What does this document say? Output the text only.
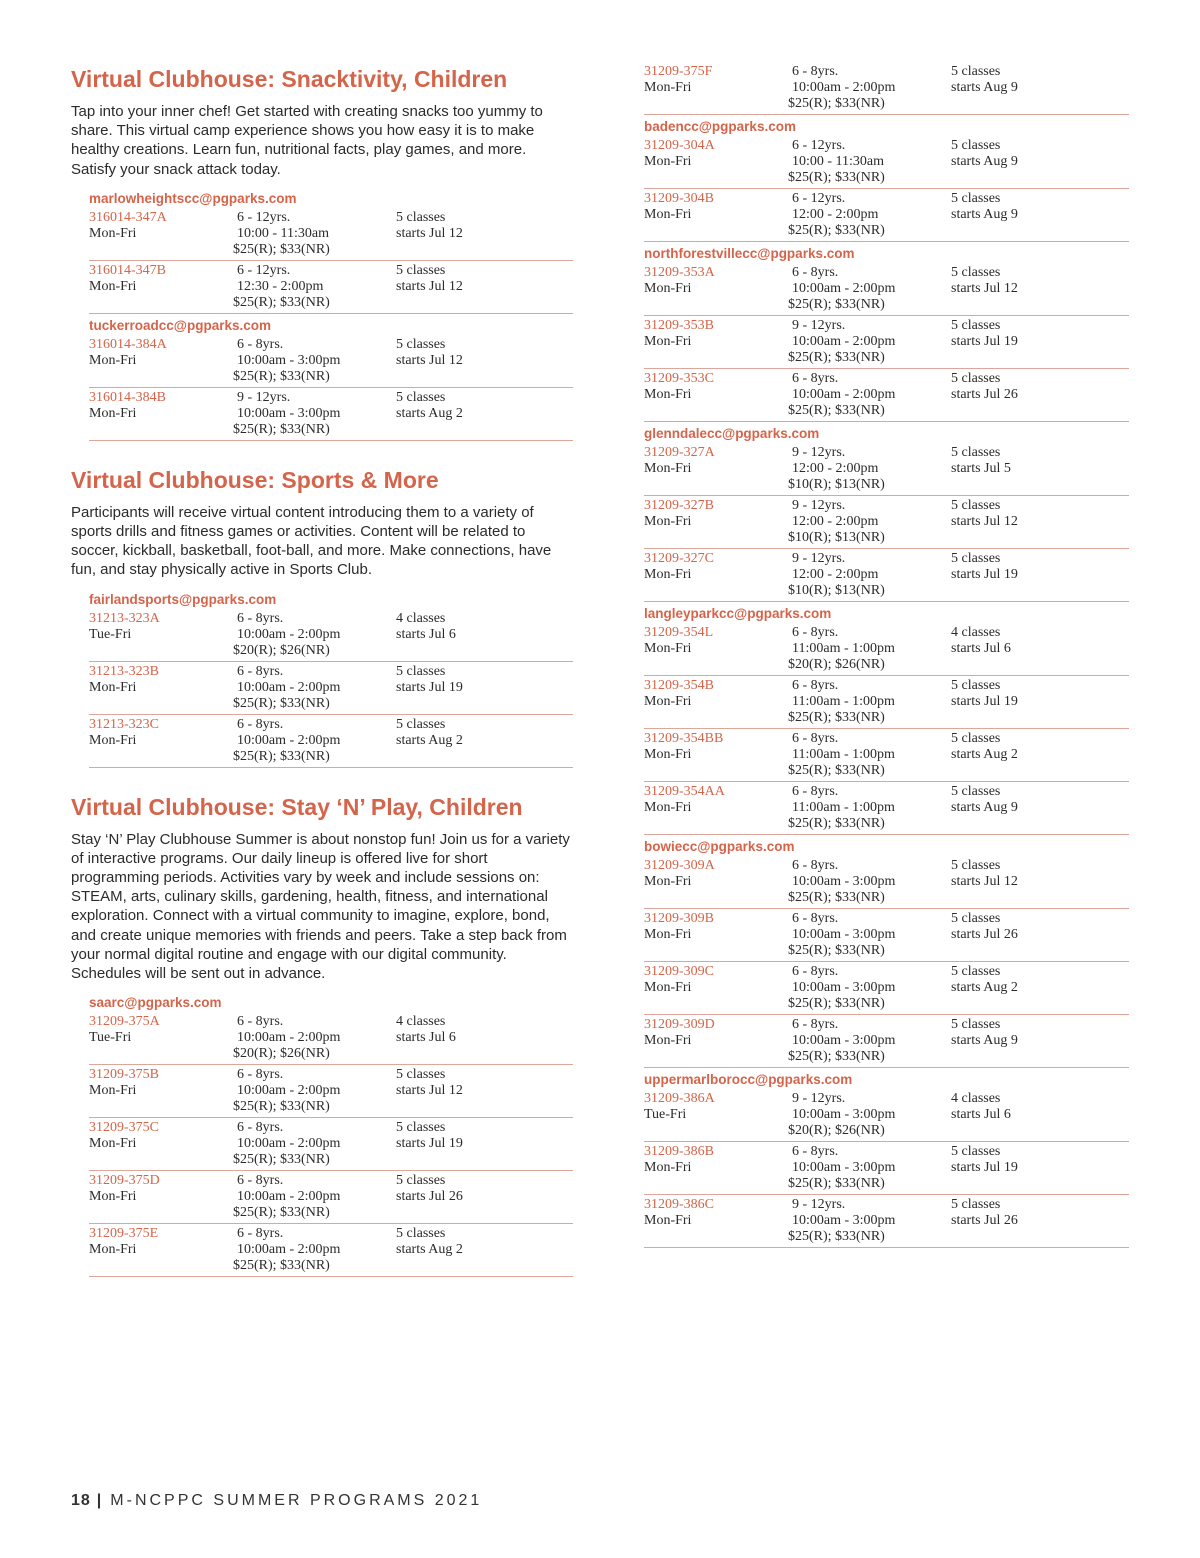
Virtual Clubhouse: Snacktivity, Children

Tap into your inner chef! Get started with creating snacks too yummy to share. This virtual camp experience shows you how easy it is to make healthy creations. Learn fun, nutritional facts, play games, and more. Satisfy your snack attack today.

marlowheightscc@pgparks.com
316014-347A
Mon-Fri
6 - 12yrs.
10:00 - 11:30am
$25(R); $33(NR)
5 classes
starts Jul 12
316014-347B
Mon-Fri
6 - 12yrs.
12:30 - 2:00pm
$25(R); $33(NR)
5 classes
starts Jul 12
tuckerroadcc@pgparks.com
316014-384A
Mon-Fri
6 - 8yrs.
10:00am - 3:00pm
$25(R); $33(NR)
5 classes
starts Jul 12
316014-384B
Mon-Fri
9 - 12yrs.
10:00am - 3:00pm
$25(R); $33(NR)
5 classes
starts Aug 2
Virtual Clubhouse: Sports & More

Participants will receive virtual content introducing them to a variety of sports drills and fitness games or activities. Content will be related to soccer, kickball, basketball, foot-ball, and more. Make connections, have fun, and stay physically active in Sports Club.

fairlandsports@pgparks.com
31213-323A
Tue-Fri
6 - 8yrs.
10:00am - 2:00pm
$20(R); $26(NR)
4 classes
starts Jul 6
31213-323B
Mon-Fri
6 - 8yrs.
10:00am - 2:00pm
$25(R); $33(NR)
5 classes
starts Jul 19
31213-323C
Mon-Fri
6 - 8yrs.
10:00am - 2:00pm
$25(R); $33(NR)
5 classes
starts Aug 2
Virtual Clubhouse: Stay ‘N’ Play, Children

Stay ‘N’ Play Clubhouse Summer is about nonstop fun! Join us for a variety of interactive programs. Our daily lineup is offered live for short programming periods. Activities vary by week and include sessions on: STEAM, arts, culinary skills, gardening, health, fitness, and international exploration. Connect with a virtual community to imagine, explore, bond, and create unique memories with friends and peers. Take a step back from your normal digital routine and engage with our digital community. Schedules will be sent out in advance.

saarc@pgparks.com
31209-375A
Tue-Fri
6 - 8yrs.
10:00am - 2:00pm
$20(R); $26(NR)
4 classes
starts Jul 6
31209-375B
Mon-Fri
6 - 8yrs.
10:00am - 2:00pm
$25(R); $33(NR)
5 classes
starts Jul 12
31209-375C
Mon-Fri
6 - 8yrs.
10:00am - 2:00pm
$25(R); $33(NR)
5 classes
starts Jul 19
31209-375D
Mon-Fri
6 - 8yrs.
10:00am - 2:00pm
$25(R); $33(NR)
5 classes
starts Jul 26
31209-375E
Mon-Fri
6 - 8yrs.
10:00am - 2:00pm
$25(R); $33(NR)
5 classes
starts Aug 2
31209-375F
Mon-Fri
6 - 8yrs.
10:00am - 2:00pm
$25(R); $33(NR)
5 classes
starts Aug 9
badencc@pgparks.com
31209-304A
Mon-Fri
6 - 12yrs.
10:00 - 11:30am
$25(R); $33(NR)
5 classes
starts Aug 9
31209-304B
Mon-Fri
6 - 12yrs.
12:00 - 2:00pm
$25(R); $33(NR)
5 classes
starts Aug 9
northforestvillecc@pgparks.com
31209-353A
Mon-Fri
6 - 8yrs.
10:00am - 2:00pm
$25(R); $33(NR)
5 classes
starts Jul 12
31209-353B
Mon-Fri
9 - 12yrs.
10:00am - 2:00pm
$25(R); $33(NR)
5 classes
starts Jul 19
31209-353C
Mon-Fri
6 - 8yrs.
10:00am - 2:00pm
$25(R); $33(NR)
5 classes
starts Jul 26
glenndalecc@pgparks.com
31209-327A
Mon-Fri
9 - 12yrs.
12:00 - 2:00pm
$10(R); $13(NR)
5 classes
starts Jul 5
31209-327B
Mon-Fri
9 - 12yrs.
12:00 - 2:00pm
$10(R); $13(NR)
5 classes
starts Jul 12
31209-327C
Mon-Fri
9 - 12yrs.
12:00 - 2:00pm
$10(R); $13(NR)
5 classes
starts Jul 19
langleyparkcc@pgparks.com
31209-354L
Mon-Fri
6 - 8yrs.
11:00am - 1:00pm
$20(R); $26(NR)
4 classes
starts Jul 6
31209-354B
Mon-Fri
6 - 8yrs.
11:00am - 1:00pm
$25(R); $33(NR)
5 classes
starts Jul 19
31209-354BB
Mon-Fri
6 - 8yrs.
11:00am - 1:00pm
$25(R); $33(NR)
5 classes
starts Aug 2
31209-354AA
Mon-Fri
6 - 8yrs.
11:00am - 1:00pm
$25(R); $33(NR)
5 classes
starts Aug 9
bowiecc@pgparks.com
31209-309A
Mon-Fri
6 - 8yrs.
10:00am - 3:00pm
$25(R); $33(NR)
5 classes
starts Jul 12
31209-309B
Mon-Fri
6 - 8yrs.
10:00am - 3:00pm
$25(R); $33(NR)
5 classes
starts Jul 26
31209-309C
Mon-Fri
6 - 8yrs.
10:00am - 3:00pm
$25(R); $33(NR)
5 classes
starts Aug 2
31209-309D
Mon-Fri
6 - 8yrs.
10:00am - 3:00pm
$25(R); $33(NR)
5 classes
starts Aug 9
uppermarlborocc@pgparks.com
31209-386A
Tue-Fri
9 - 12yrs.
10:00am - 3:00pm
$20(R); $26(NR)
4 classes
starts Jul 6
31209-386B
Mon-Fri
6 - 8yrs.
10:00am - 3:00pm
$25(R); $33(NR)
5 classes
starts Jul 19
31209-386C
Mon-Fri
9 - 12yrs.
10:00am - 3:00pm
$25(R); $33(NR)
5 classes
starts Jul 26
18 | M-NCPPC SUMMER PROGRAMS 2021
